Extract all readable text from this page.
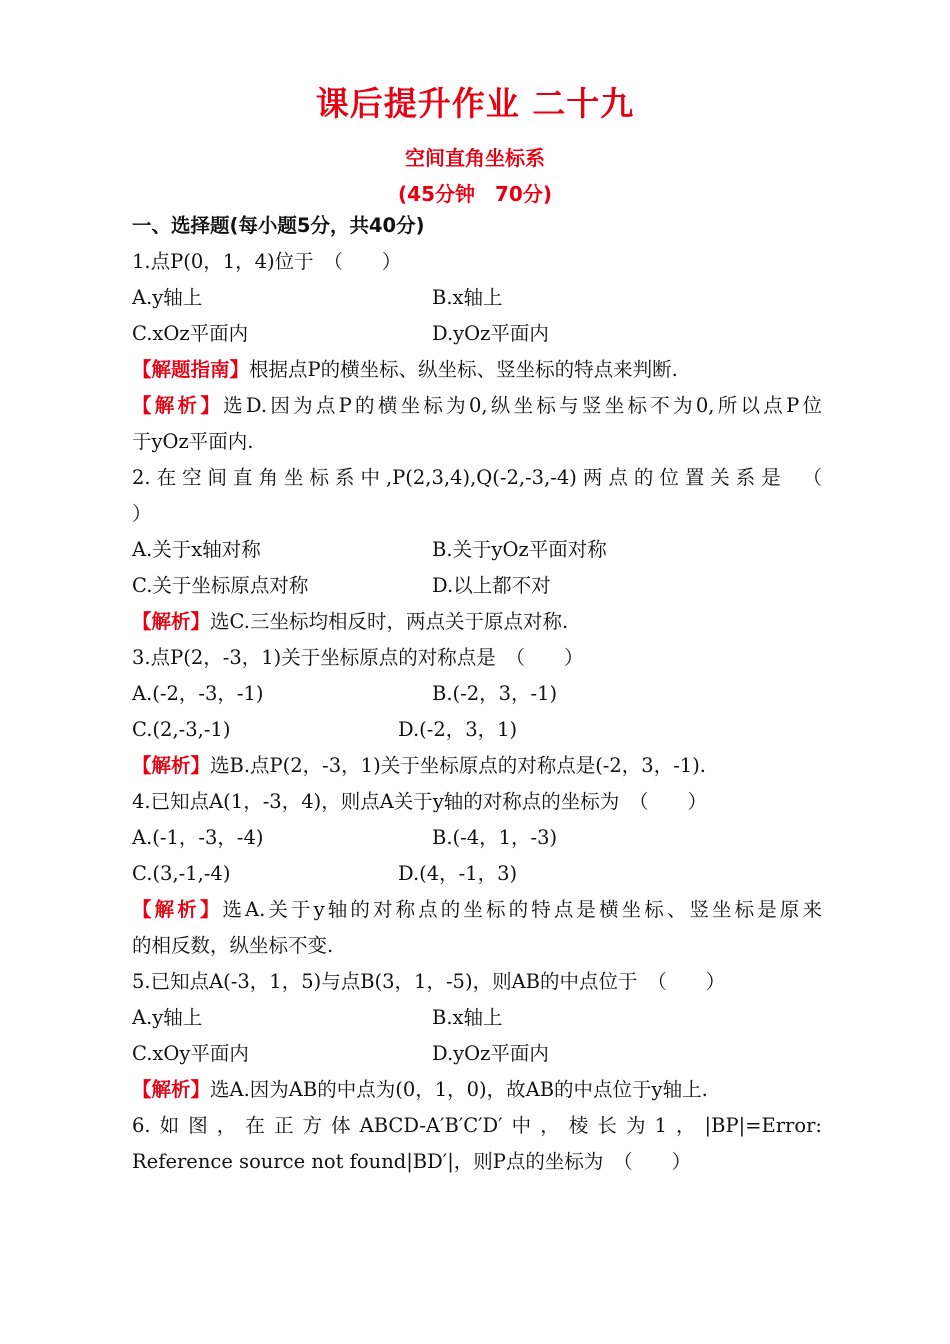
课后提升作业 二十九
空间直角坐标系
(45分钟　70分)
一、选择题(每小题5分，共40分)
1.点P(0，1，4)位于　（　　）
A.y轴上	B.x轴上
C.xOz平面内	D.yOz平面内
【解题指南】根据点P的横坐标、纵坐标、竖坐标的特点来判断.
【解析】选D.因为点P的横坐标为0,纵坐标与竖坐标不为0,所以点P位
于yOz平面内.
2.在空间直角坐标系中,P(2,3,4),Q(-2,-3,-4)两点的位置关系是　（
）
A.关于x轴对称	B.关于yOz平面对称
C.关于坐标原点对称	D.以上都不对
【解析】选C.三坐标均相反时，两点关于原点对称.
3.点P(2，-3，1)关于坐标原点的对称点是　（　　）
A.(-2，-3，-1)	B.(-2，3，-1)
C.(2,-3,-1)	D.(-2，3，1)
【解析】选B.点P(2，-3，1)关于坐标原点的对称点是(-2，3，-1).
4.已知点A(1，-3，4)，则点A关于y轴的对称点的坐标为　（　　）
A.(-1，-3，-4)	B.(-4，1，-3)
C.(3,-1,-4)	D.(4，-1，3)
【解析】选A.关于y轴的对称点的坐标的特点是横坐标、竖坐标是原来
的相反数，纵坐标不变.
5.已知点A(-3，1，5)与点B(3，1，-5)，则AB的中点位于　（　　）
A.y轴上	B.x轴上
C.xOy平面内	D.yOz平面内
【解析】选A.因为AB的中点为(0，1，0)，故AB的中点位于y轴上.
6.如图，在正方体ABCD-A′B′C′D′中，棱长为1，|BP|=Error:
Reference source not found|BD′|，则P点的坐标为　（　　）
